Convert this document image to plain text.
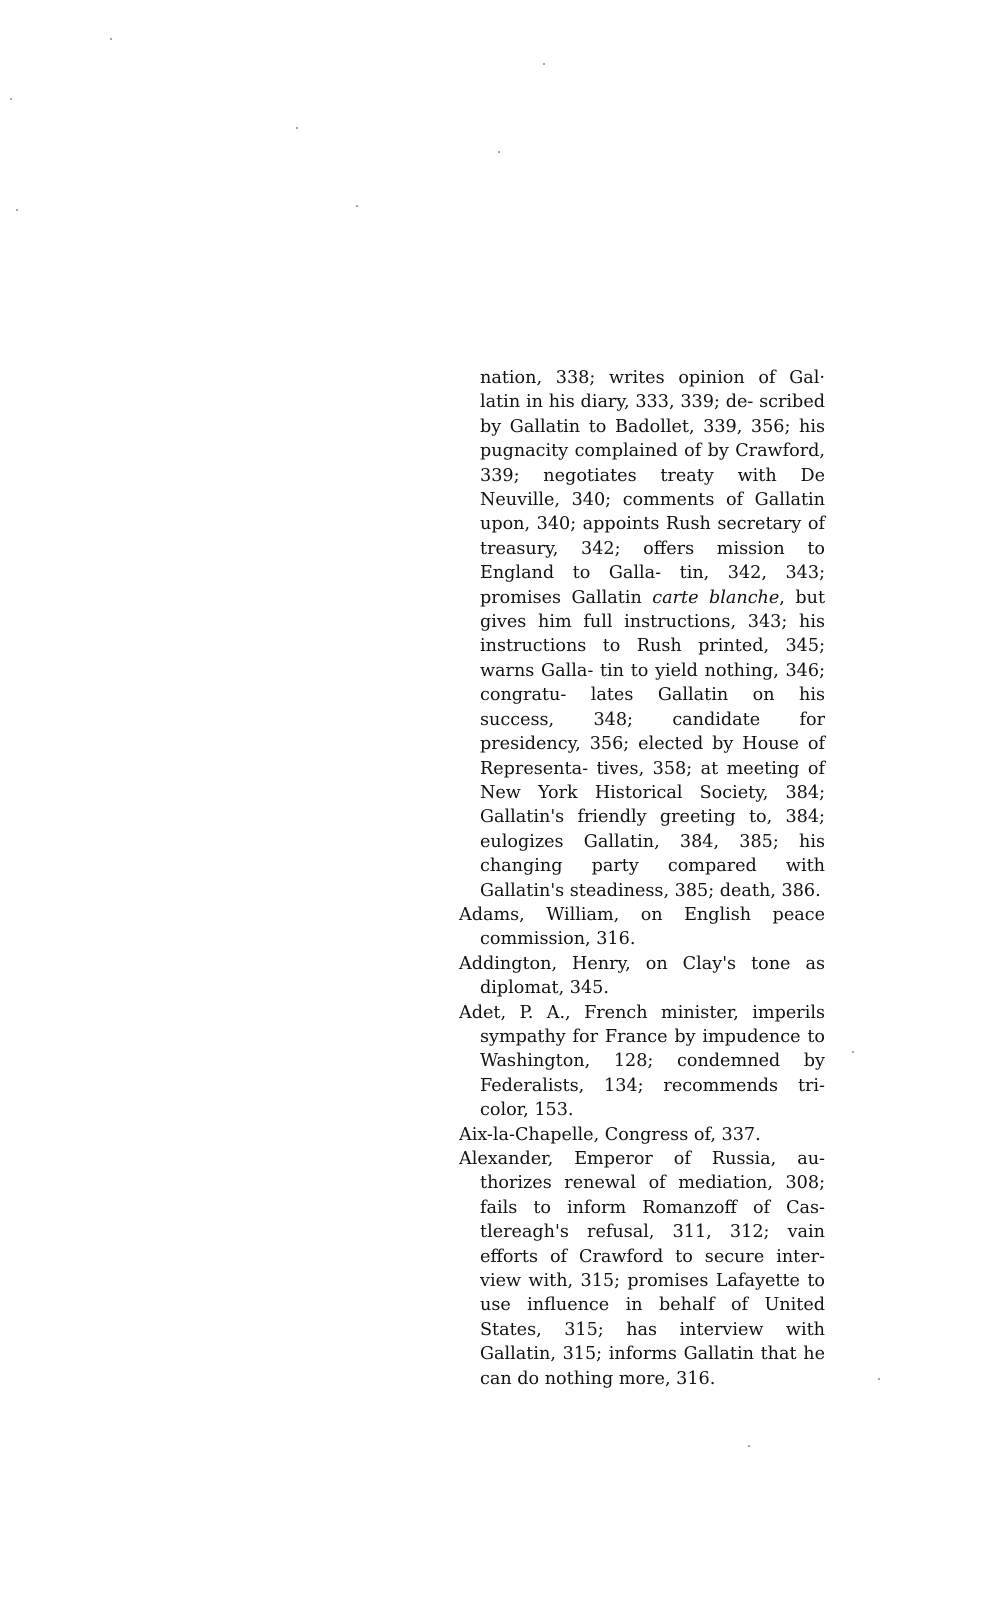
nation, 338; writes opinion of Gal· latin in his diary, 333, 339; de‑ scribed by Gallatin to Badollet, 339, 356; his pugnacity complained of by Crawford, 339; negotiates treaty with De Neuville, 340; comments of Gallatin upon, 340; appoints Rush secretary of treasury, 342; offers mission to England to Galla- tin, 342, 343; promises Gallatin carte blanche, but gives him full instructions, 343; his instructions to Rush printed, 345; warns Galla- tin to yield nothing, 346; congratu- lates Gallatin on his success, 348; candidate for presidency, 356; elected by House of Representa- tives, 358; at meeting of New York Historical Society, 384; Gallatin's friendly greeting to, 384; eulogizes Gallatin, 384, 385; his changing party compared with Gallatin's steadiness, 385; death, 386.

Adams, William, on English peace commission, 316.

Addington, Henry, on Clay's tone as diplomat, 345.

Adet, P. A., French minister, imperils sympathy for France by impudence to Washington, 128; condemned by Federalists, 134; recommends tri- color, 153.

Aix-la-Chapelle, Congress of, 337.

Alexander, Emperor of Russia, au- thorizes renewal of mediation, 308; fails to inform Romanzoff of Cas- tlereagh's refusal, 311, 312; vain efforts of Crawford to secure inter- view with, 315; promises Lafayette to use influence in behalf of United States, 315; has interview with Gallatin, 315; informs Gallatin that he can do nothing more, 316.
